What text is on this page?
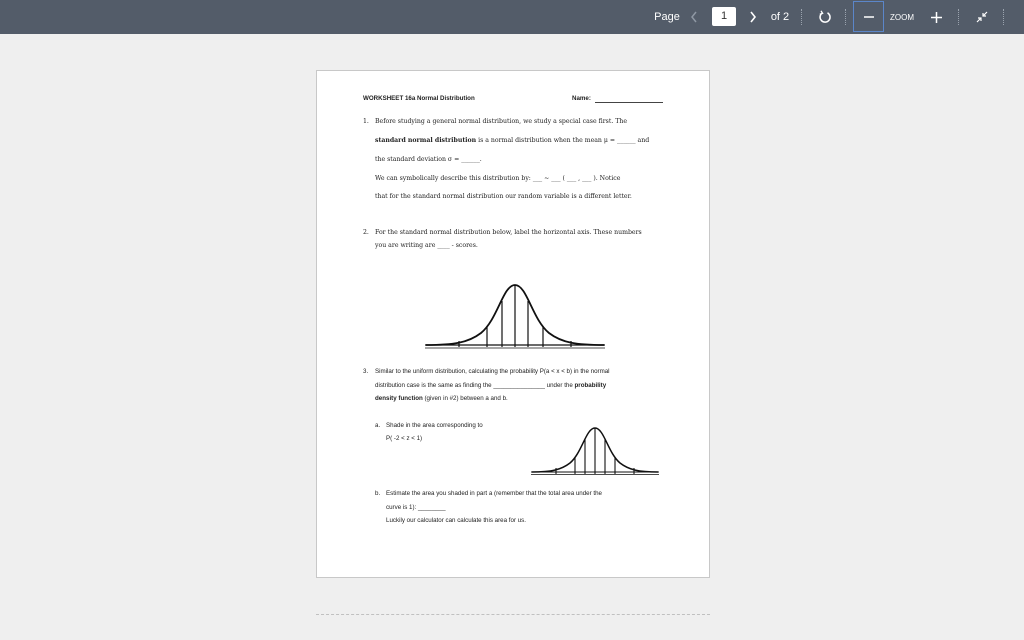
Page	1	of 2	ZOOM
WORKSHEET 16a Normal Distribution	Name:
1. Before studying a general normal distribution, we study a special case first. The
standard normal distribution is a normal distribution when the mean μ = ______ and
the standard deviation σ = ______.
We can symbolically describe this distribution by: ___ ~ ___ ( ___ , ___ ). Notice
that for the standard normal distribution our random variable is a different letter.
2. For the standard normal distribution below, label the horizontal axis. These numbers
you are writing are ____ - scores.
3. Similar to the uniform distribution, calculating the probability P(a < x < b) in the normal
distribution case is the same as finding the _______________ under the probability
density function (given in #2) between a and b.
a. Shade in the area corresponding to
P( -2 < z < 1)
b. Estimate the area you shaded in part a (remember that the total area under the
curve is 1): ________
Luckily our calculator can calculate this area for us.
